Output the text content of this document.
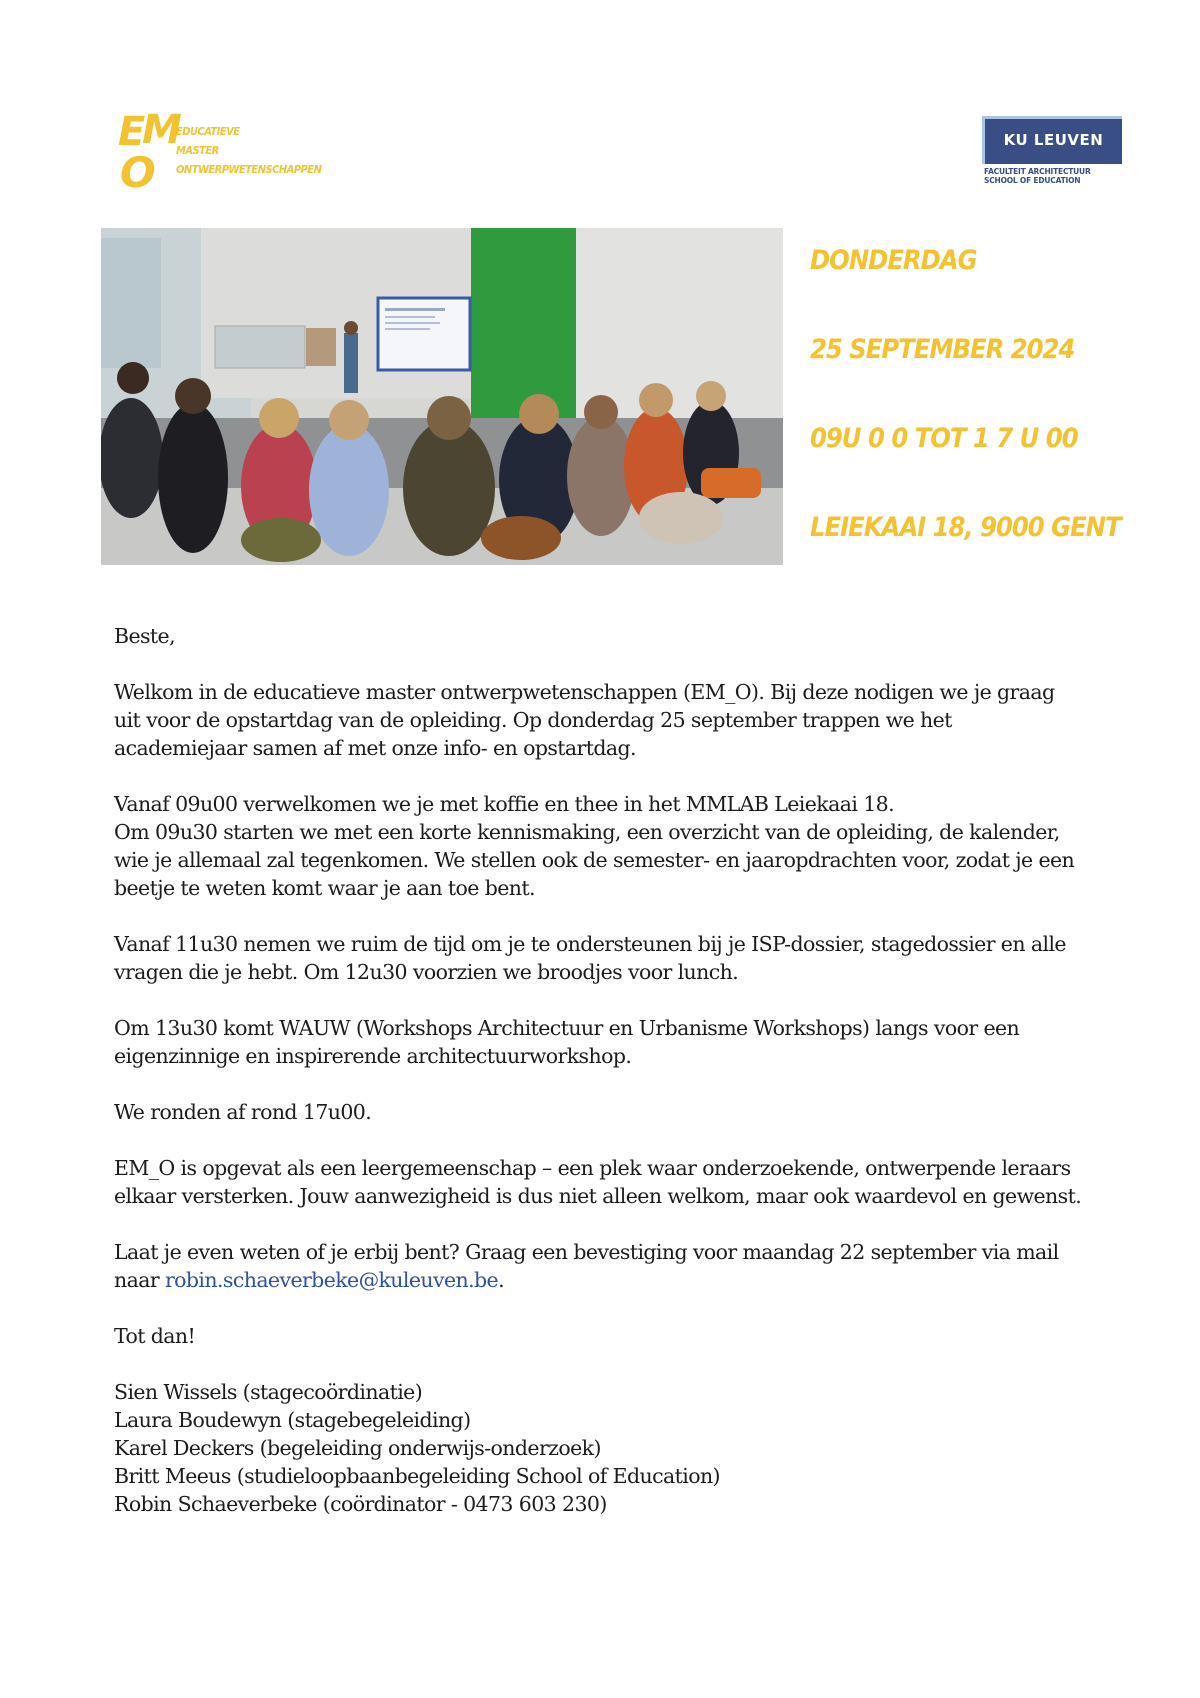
E M
O
EDUCATIEVE
MASTER
ONTWERPWETENSCHAPPEN
KU LEUVEN
FACULTEIT ARCHITECTUUR
SCHOOL OF EDUCATION
DONDERDAG
25 SEPTEMBER 2024
09U 0 0 TOT 1 7 U 00
LEIEKAAI 18, 9000 GENT

Beste,

Welkom in de educatieve master ontwerpwetenschappen (EM_O). Bij deze nodigen we je graag uit voor de opstartdag van de opleiding. Op donderdag 25 september trappen we het academiejaar samen af met onze info- en opstartdag.

Vanaf 09u00 verwelkomen we je met koffie en thee in het MMLAB Leiekaai 18.
Om 09u30 starten we met een korte kennismaking, een overzicht van de opleiding, de kalender, wie je allemaal zal tegenkomen. We stellen ook de semester- en jaaropdrachten voor, zodat je een beetje te weten komt waar je aan toe bent.

Vanaf 11u30 nemen we ruim de tijd om je te ondersteunen bij je ISP-dossier, stagedossier en alle vragen die je hebt. Om 12u30 voorzien we broodjes voor lunch.

Om 13u30 komt WAUW (Workshops Architectuur en Urbanisme Workshops) langs voor een eigenzinnige en inspirerende architectuurworkshop.

We ronden af rond 17u00.

EM_O is opgevat als een leergemeenschap – een plek waar onderzoekende, ontwerpende leraars elkaar versterken. Jouw aanwezigheid is dus niet alleen welkom, maar ook waardevol en gewenst.

Laat je even weten of je erbij bent? Graag een bevestiging voor maandag 22 september via mail naar robin.schaeverbeke@kuleuven.be.

Tot dan!

Sien Wissels (stagecoördinatie)
Laura Boudewyn (stagebegeleiding)
Karel Deckers (begeleiding onderwijs-onderzoek)
Britt Meeus (studieloopbaanbegeleiding School of Education)
Robin Schaeverbeke (coördinator - 0473 603 230)
